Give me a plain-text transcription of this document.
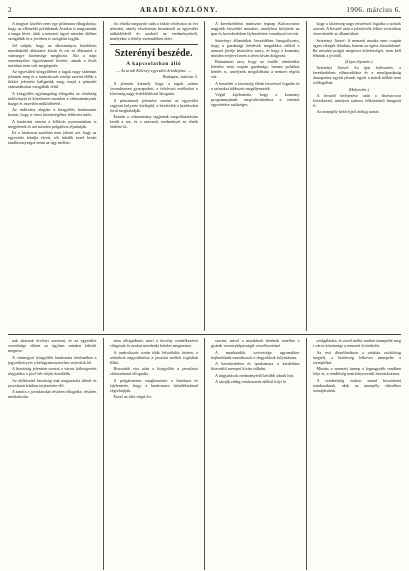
2	ARADI KÖZLÖNY.	1906. március 6.

A magyar közélet nem egy pillanatra elhagyhatja, hogy az ellenzéki politikának Aradon is megvannak a maga hívei, akik a nemzeti ügyet minden időben szolgálták és a jövőben is szolgálni fogják.

Jól tudjuk, hogy az alkotmányos küzdelem mindenkitől áldozatot kíván és ezt az áldozatot a vármegye közönsége meghozta. Aki a napi eseményeket figyelemmel kísérte, annak a levél tartalma nem volt meglepetés.

Az egyesületi közgyűlésen a tagok nagy számban jelentek meg és a tanácskozás rendje szerint előbb a titkári jelentést hallgatták meg, majd a pénztári számadásokat vizsgálták felül.

A közgyűlés egyhangúlag elfogadta az elnökség indítványát és köszönetet mondott a választmánynak buzgó és önzetlen működéséért.

Az indítvány alapján a közgyűlés határozatot hozott, hogy a város közönségéhez felhívást intéz.

A határozat szerint a felhívás nyomtatásban is megjelenik és azt minden polgárhoz eljuttatják.

Ez a határozat azonban nem jelenti azt, hogy az egyesület feladja elveit, sőt inkább ezzel kíván tanúbizonyságot tenni az ügy mellett.

Az elnöki megnyitó után a titkár felolvasta az évi jelentést, amely részletesen beszámolt az egyesület működéséről és azokról az eredményekről, amelyeket a lefolyt esztendőben elért.

Szterényi beszéde.
A kapcsolatban álló
— Az aradi Kölcsey-egyesület kritikájára. —
Budapest, március 5.

A jelentés kiemeli, hogy a tagok száma örvendetesen gyarapodott, a felolvasó estélyeket a közönség nagy érdeklődéssel látogatta.

A pénztárnok jelentése szerint az egyesület vagyoni helyzete kielégítő; a bevételek a kiadásokat jóval meghaladják.

Ezután a választmány tagjainak megválasztására került a sor, és a szavazás eredményét az elnök hirdette ki.

A kereskedelmi miniszter tegnap Kolozsváron nagyobb beszédet mondott, amelyben kifejtette az ipar és kereskedelem fejlesztésére vonatkozó terveit.

Szterényi államtitkár beszédében hangsúlyozta, hogy a gazdasági kérdések megoldása nélkül a nemzet jövője biztosítva nincs, és hogy a kormány minden erejével ezen a téren kíván dolgozni.

Rámutatott arra, hogy az önálló vámterület kérdése nem csupán gazdasági, hanem politikai kérdés is, amelynek megoldására a nemzet régóta vár.

A beszédet a közönség élénk tetszéssel fogadta és a szónokot többször megéljenezték.

Végül kijelentette, hogy a kormány programmjának megvalósításához a nemzet egyetértése szükséges.

hogy a közönség nagy tetszéssel fogadta a szónok szavait. A beszéd után a jelenlevők lelkes ovációban részesítették az államtitkárt.

Szterényi József: A nemzeti munka nem csupán egyes rétegek feladata, hanem az egész társadalomé. Ha minden polgár megteszi kötelességét, nem kell félnünk a jövőtől.

(Zajos éljenzés.)

Szterényi József: Az ipar fejlesztése, a kereskedelem előmozdítása és a mezőgazdaság támogatása együtt járnak; egyik a másik nélkül nem boldogulhat.

(Helyeslés.)

A beszéd befejezése után a díszvacsora következett, amelyen számos felköszöntő hangzott el.

Az ünnepély késő éjjeli órákig tartott.

nak akarnak érvényt szerezni, és az egyesület vezetősége ebben az ügyben minden lehetőt megtesz.

A vármegyei közgyűlés határozata értelmében a jegyzőkönyvet a belügyminiszterhez terjesztik fel.

A bizottság jelentése szerint a városi költségvetés tárgyalása a jövő hét elején kezdődik.

Az előkészítő bizottság már megtartotta ülését és javaslatait írásban terjesztette elő.

A tanács a javaslatokat részben elfogadta, részben módosította.

nem elfogadható, mert a törvény rendelkezései világosak és azokat mindenki köteles megtartani.

A tanácskozás során több felszólalás történt, a szónokok nagyobbrészt a javaslat mellett foglaltak állást.

Hosszabb vita után a közgyűlés a javaslatot változatlanul elfogadta.

A polgármester megköszönte a bizalmat és kijelentette, hogy a határozatot haladéktalanul végrehajtják.

Ezzel az ülés véget ért.

szerint, mivel a munkások bérének emelése a gyárak versenyképességét veszélyeztetné.

A munkaadók szövetsége ugyanakkor hajlandónak mutatkozott a tárgyalások folytatására.

A kereskedelmi és iparkamara a kérdésben közvetítő szerepet kíván vállalni.

A tárgyalások eredményéről később adunk hírt.

A sztrájk eddig rendzavarás nélkül folyt le.

szolgálatára, és ezzel méltó módon ünnepelte meg a város közönsége a nemzeti évfordulót.

Az esti díszelőadáson a színház zsúfolásig megtelt, a közönség lelkesen ünnepelte a szereplőket.

Miután a nemzeti ünnep a legnagyobb rendben folyt le, a rendőrség nem kényszerült beavatkozásra.

A rendezőség ezúton mond köszönetet mindazoknak, akik az ünnepély sikeréhez hozzájárultak.
